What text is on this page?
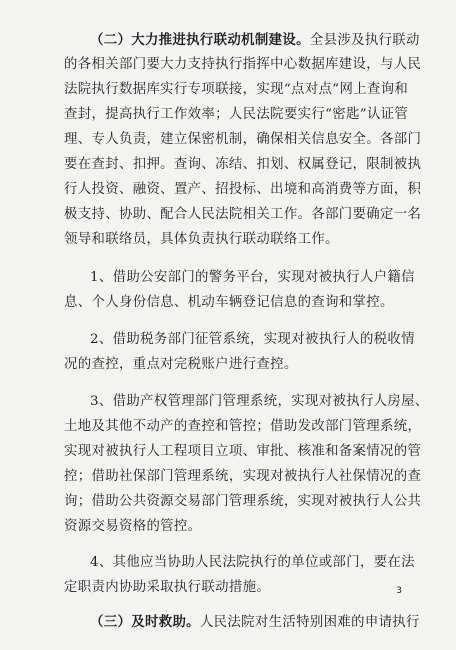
（二）大力推进执行联动机制建设。全县涉及执行联动
的各相关部门要大力支持执行指挥中心数据库建设，与人民
法院执行数据库实行专项联接，实现“点对点”网上查询和
查封，提高执行工作效率；人民法院要实行“密匙”认证管
理、专人负责，建立保密机制，确保相关信息安全。各部门
要在查封、扣押。查询、冻结、扣划、权属登记，限制被执
行人投资、融资、置产、招投标、出境和高消费等方面，积
极支持、协助、配合人民法院相关工作。各部门要确定一名
领导和联络员，具体负责执行联动联络工作。
1、借助公安部门的警务平台，实现对被执行人户籍信
息、个人身份信息、机动车辆登记信息的查询和掌控。
2、借助税务部门征管系统，实现对被执行人的税收情
况的查控，重点对完税账户进行查控。
3、借助产权管理部门管理系统，实现对被执行人房屋、
土地及其他不动产的查控和管控；借助发改部门管理系统，
实现对被执行人工程项目立项、审批、核准和备案情况的管
控；借助社保部门管理系统，实现对被执行人社保情况的查
询；借助公共资源交易部门管理系统，实现对被执行人公共
资源交易资格的管控。
4、其他应当协助人民法院执行的单位或部门，要在法
定职责内协助采取执行联动措施。
（三）及时救助。人民法院对生活特别困难的申请执行
3
